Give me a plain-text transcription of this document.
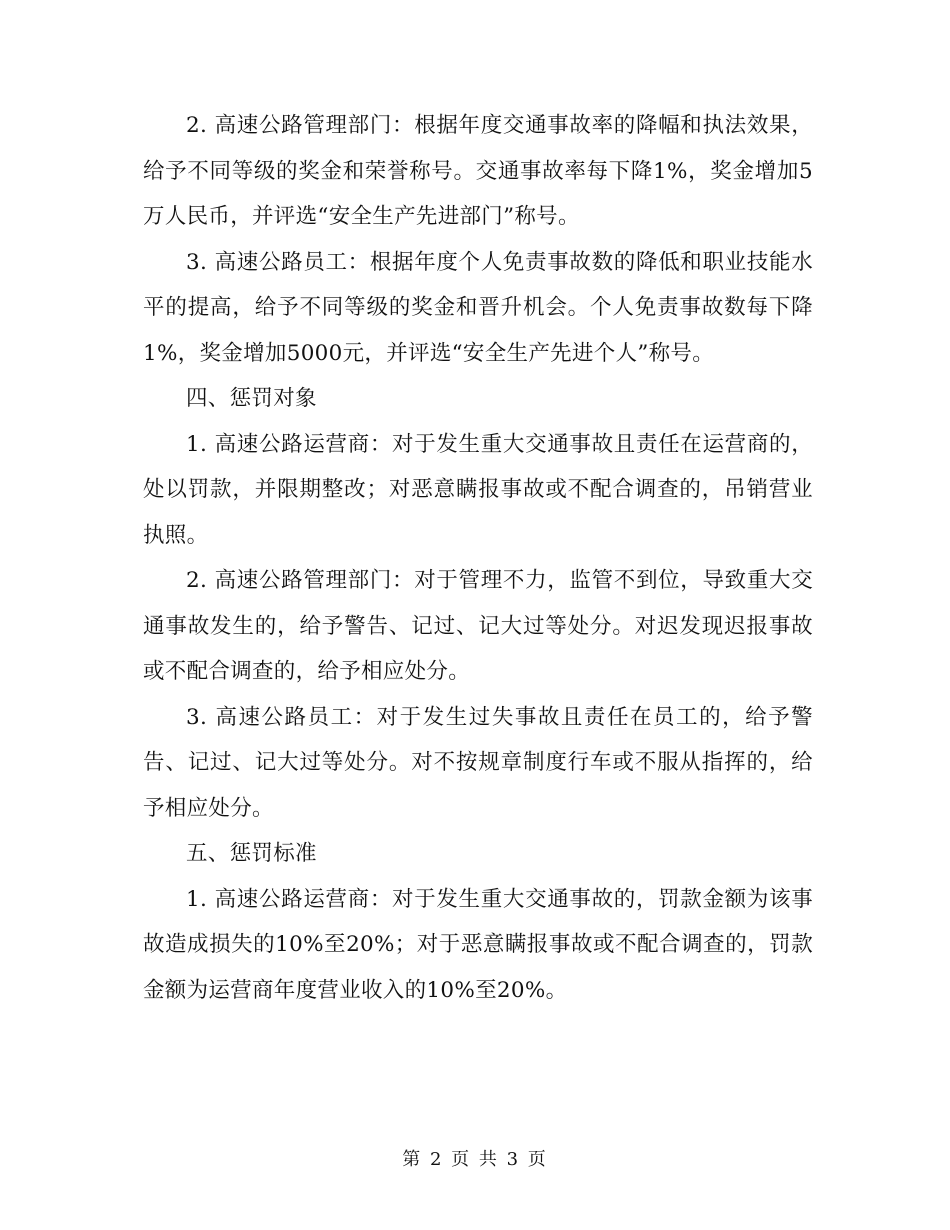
2. 高速公路管理部门：根据年度交通事故率的降幅和执法效果，给予不同等级的奖金和荣誉称号。交通事故率每下降1%，奖金增加5万人民币，并评选“安全生产先进部门”称号。

3. 高速公路员工：根据年度个人免责事故数的降低和职业技能水平的提高，给予不同等级的奖金和晋升机会。个人免责事故数每下降1%，奖金增加5000元，并评选“安全生产先进个人”称号。

四、惩罚对象

1. 高速公路运营商：对于发生重大交通事故且责任在运营商的，处以罚款，并限期整改；对恶意瞒报事故或不配合调查的，吊销营业执照。

2. 高速公路管理部门：对于管理不力，监管不到位，导致重大交通事故发生的，给予警告、记过、记大过等处分。对迟发现迟报事故或不配合调查的，给予相应处分。

3. 高速公路员工：对于发生过失事故且责任在员工的，给予警告、记过、记大过等处分。对不按规章制度行车或不服从指挥的，给予相应处分。

五、惩罚标准

1. 高速公路运营商：对于发生重大交通事故的，罚款金额为该事故造成损失的10%至20%；对于恶意瞒报事故或不配合调查的，罚款金额为运营商年度营业收入的10%至20%。

第 2 页 共 3 页
